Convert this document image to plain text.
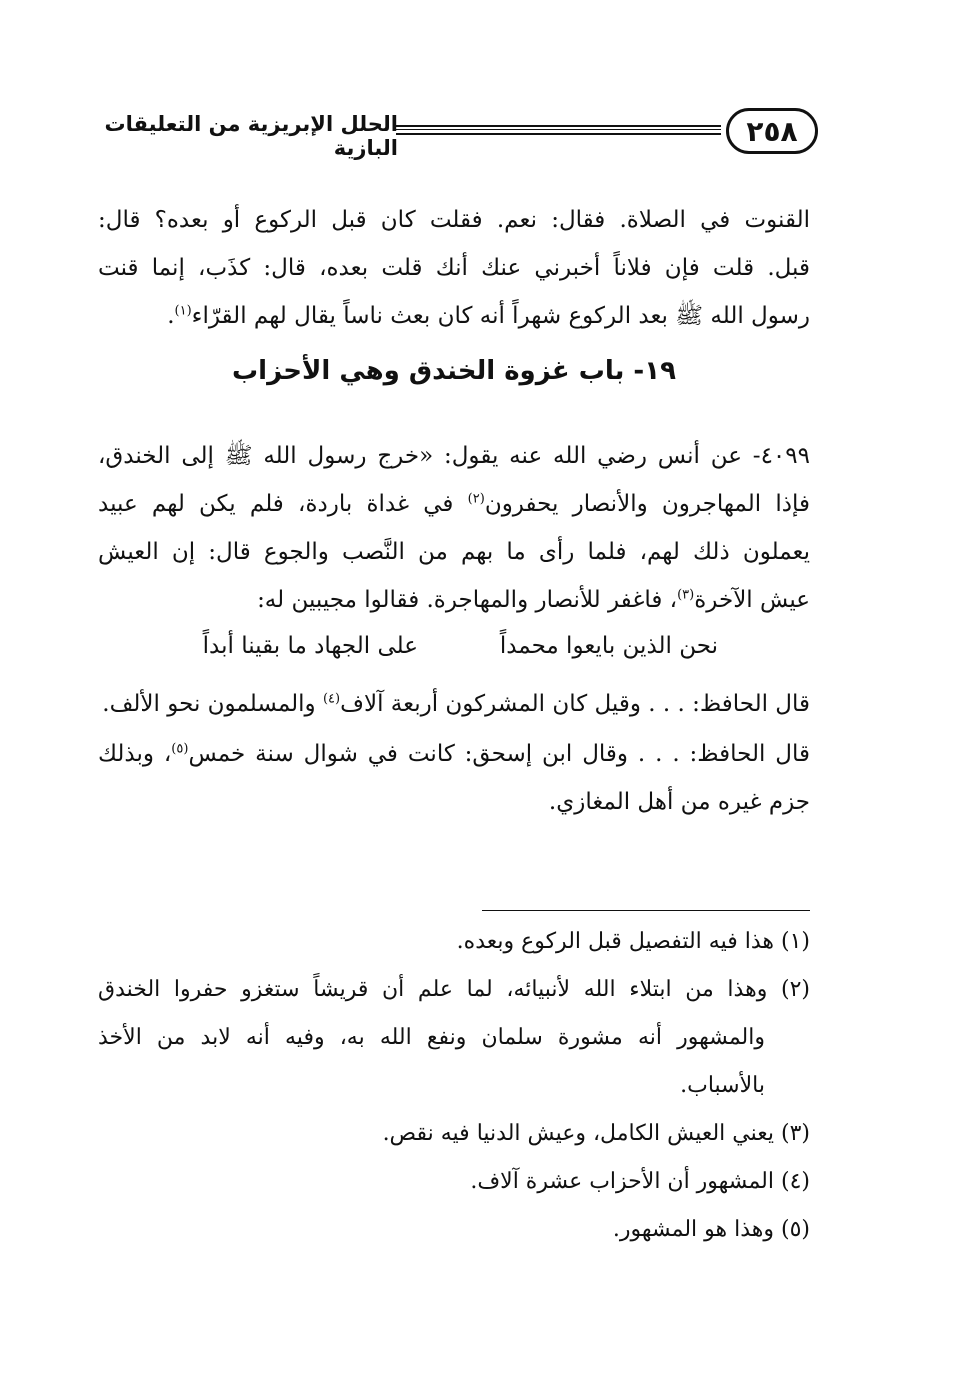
٢٥٨
الحلل الإبريزية من التعليقات البازية
القنوت في الصلاة. فقال: نعم. فقلت كان قبل الركوع أو بعده؟ قال:
قبل. قلت فإن فلاناً أخبرني عنك أنك قلت بعده، قال: كذَب، إنما قنت
رسول الله ﷺ بعد الركوع شهراً أنه كان بعث ناساً يقال لهم القرّاء$^{(١)}$.
١٩- باب غزوة الخندق وهي الأحزاب
٤٠٩٩- عن أنس رضي الله عنه يقول: «خرج رسول الله ﷺ إلى الخندق،
فإذا المهاجرون والأنصار يحفرون$^{(٢)}$ في غداة باردة، فلم يكن لهم عبيد
يعملون ذلك لهم، فلما رأى ما بهم من النَّصب والجوع قال: إن العيش
عيش الآخرة$^{(٣)}$، فاغفر للأنصار والمهاجرة. فقالوا مجيبين له:
نحن الذين بايعوا محمداً
على الجهاد ما بقينا أبداً
قال الحافظ: . . . وقيل كان المشركون أربعة آلاف$^{(٤)}$ والمسلمون نحو الألف.
قال الحافظ: . . . وقال ابن إسحق: كانت في شوال سنة خمس$^{(٥)}$، وبذلك
جزم غيره من أهل المغازي.
(١) هذا فيه التفصيل قبل الركوع وبعده.
(٢) وهذا من ابتلاء الله لأنبيائه، لما علم أن قريشاً ستغزو حفروا الخندق
والمشهور أنه مشورة سلمان ونفع الله به، وفيه أنه لابد من الأخذ
بالأسباب.
(٣) يعني العيش الكامل، وعيش الدنيا فيه نقص.
(٤) المشهور أن الأحزاب عشرة آلاف.
(٥) وهذا هو المشهور.
